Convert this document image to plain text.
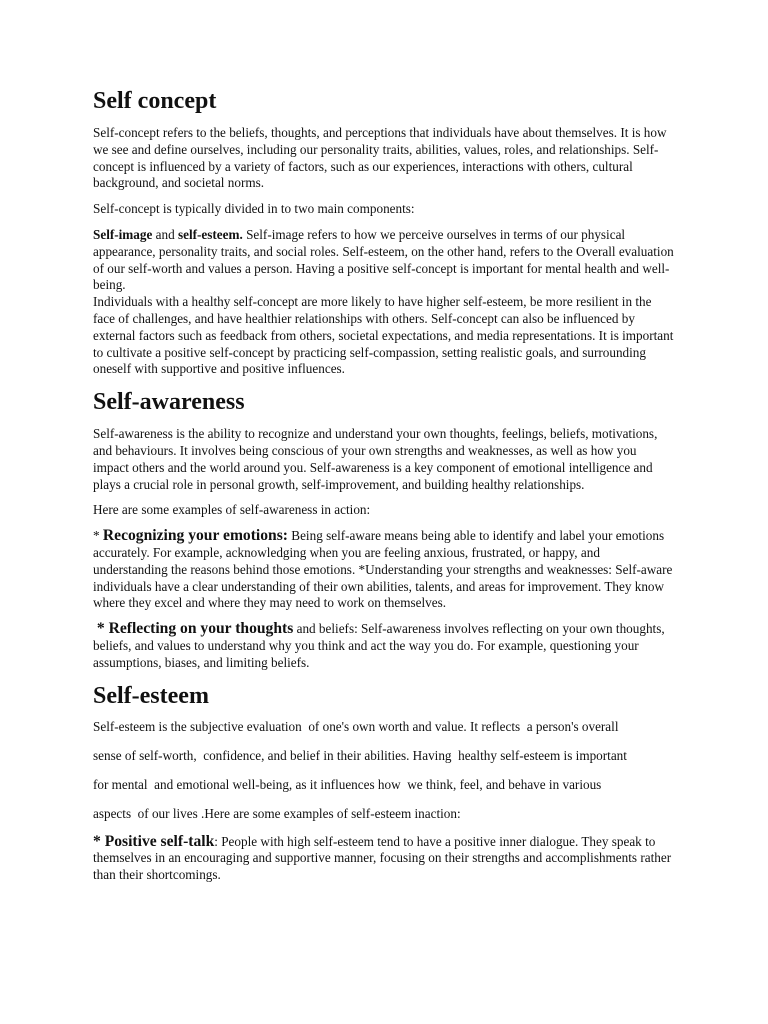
Self concept

Self-concept refers to the beliefs, thoughts, and perceptions that individuals have about themselves. It is how we see and define ourselves, including our personality traits, abilities, values, roles, and relationships. Self-concept is influenced by a variety of factors, such as our experiences, interactions with others, cultural background, and societal norms.

Self-concept is typically divided in to two main components:

Self-image and self-esteem. Self-image refers to how we perceive ourselves in terms of our physical appearance, personality traits, and social roles. Self-esteem, on the other hand, refers to the Overall evaluation of our self-worth and values a person. Having a positive self-concept is important for mental health and well-being.

Individuals with a healthy self-concept are more likely to have higher self-esteem, be more resilient in the face of challenges, and have healthier relationships with others. Self-concept can also be influenced by external factors such as feedback from others, societal expectations, and media representations. It is important to cultivate a positive self-concept by practicing self-compassion, setting realistic goals, and surrounding oneself with supportive and positive influences.

Self-awareness

Self-awareness is the ability to recognize and understand your own thoughts, feelings, beliefs, motivations, and behaviours. It involves being conscious of your own strengths and weaknesses, as well as how you impact others and the world around you. Self-awareness is a key component of emotional intelligence and plays a crucial role in personal growth, self-improvement, and building healthy relationships.

Here are some examples of self-awareness in action:

* Recognizing your emotions: Being self-aware means being able to identify and label your emotions accurately. For example, acknowledging when you are feeling anxious, frustrated, or happy, and understanding the reasons behind those emotions. *Understanding your strengths and weaknesses: Self-aware individuals have a clear understanding of their own abilities, talents, and areas for improvement. They know where they excel and where they may need to work on themselves.

* Reflecting on your thoughts and beliefs: Self-awareness involves reflecting on your own thoughts, beliefs, and values to understand why you think and act the way you do. For example, questioning your assumptions, biases, and limiting beliefs.

Self-esteem

Self-esteem is the subjective evaluation  of one's own worth and value. It reflects  a person's overall

sense of self-worth,  confidence, and belief in their abilities. Having  healthy self-esteem is important

for mental  and emotional well-being, as it influences how  we think, feel, and behave in various

aspects  of our lives .Here are some examples of self-esteem inaction:

* Positive self-talk: People with high self-esteem tend to have a positive inner dialogue. They speak to themselves in an encouraging and supportive manner, focusing on their strengths and accomplishments rather than their shortcomings.
